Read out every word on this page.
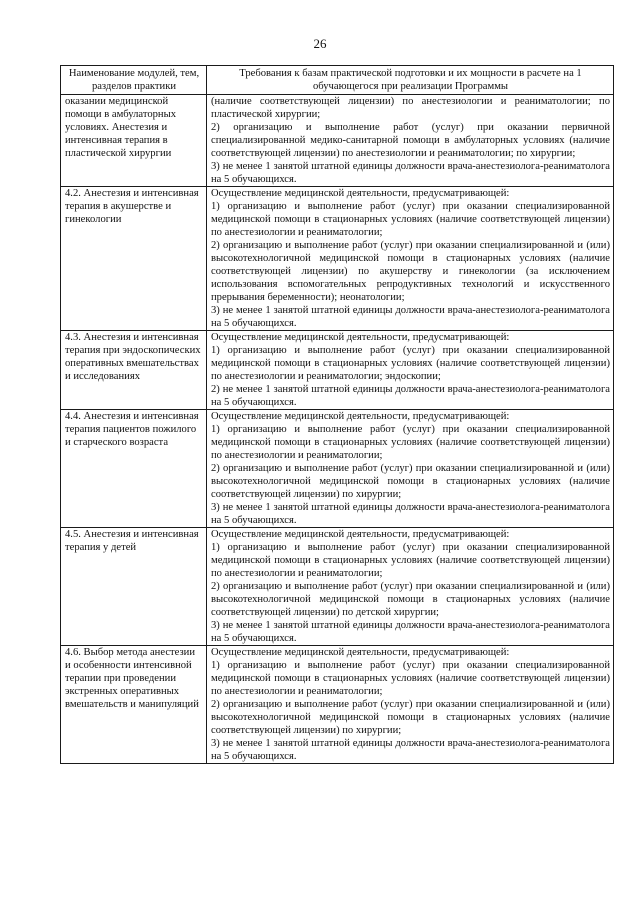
26
Наименование модулей, тем, разделов практики	Требования к базам практической подготовки и их мощности в расчете на 1 обучающегося при реализации Программы
оказании медицинской помощи в амбулаторных условиях. Анестезия и интенсивная терапия в пластической хирургии	(наличие соответствующей лицензии) по анестезиологии и реаниматологии; по пластической хирургии;

2) организацию и выполнение работ (услуг) при оказании первичной специализированной медико-санитарной помощи в амбулаторных условиях (наличие соответствующей лицензии) по анестезиологии и реаниматологии; по хирургии;

3) не менее 1 занятой штатной единицы должности врача-анестезиолога-реаниматолога на 5 обучающихся.

4.2. Анестезия и интенсивная терапия в акушерстве и гинекологии	Осуществление медицинской деятельности, предусматривающей:

1) организацию и выполнение работ (услуг) при оказании специализированной медицинской помощи в стационарных условиях (наличие соответствующей лицензии) по анестезиологии и реаниматологии;

2) организацию и выполнение работ (услуг) при оказании специализированной и (или) высокотехнологичной медицинской помощи в стационарных условиях (наличие соответствующей лицензии) по акушерству и гинекологии (за исключением использования вспомогательных репродуктивных технологий и искусственного прерывания беременности); неонатологии;

3) не менее 1 занятой штатной единицы должности врача-анестезиолога-реаниматолога на 5 обучающихся.

4.3. Анестезия и интенсивная терапия при эндоскопических оперативных вмешательствах и исследованиях	Осуществление медицинской деятельности, предусматривающей:

1) организацию и выполнение работ (услуг) при оказании специализированной медицинской помощи в стационарных условиях (наличие соответствующей лицензии) по анестезиологии и реаниматологии; эндоскопии;

2) не менее 1 занятой штатной единицы должности врача-анестезиолога-реаниматолога на 5 обучающихся.

4.4. Анестезия и интенсивная терапия пациентов пожилого и старческого возраста	Осуществление медицинской деятельности, предусматривающей:

1) организацию и выполнение работ (услуг) при оказании специализированной медицинской помощи в стационарных условиях (наличие соответствующей лицензии) по анестезиологии и реаниматологии;

2) организацию и выполнение работ (услуг) при оказании специализированной и (или) высокотехнологичной медицинской помощи в стационарных условиях (наличие соответствующей лицензии) по хирургии;

3) не менее 1 занятой штатной единицы должности врача-анестезиолога-реаниматолога на 5 обучающихся.

4.5. Анестезия и интенсивная терапия у детей	Осуществление медицинской деятельности, предусматривающей:

1) организацию и выполнение работ (услуг) при оказании специализированной медицинской помощи в стационарных условиях (наличие соответствующей лицензии) по анестезиологии и реаниматологии;

2) организацию и выполнение работ (услуг) при оказании специализированной и (или) высокотехнологичной медицинской помощи в стационарных условиях (наличие соответствующей лицензии) по детской хирургии;

3) не менее 1 занятой штатной единицы должности врача-анестезиолога-реаниматолога на 5 обучающихся.

4.6. Выбор метода анестезии и особенности интенсивной терапии при проведении экстренных оперативных вмешательств и манипуляций	Осуществление медицинской деятельности, предусматривающей:

1) организацию и выполнение работ (услуг) при оказании специализированной медицинской помощи в стационарных условиях (наличие соответствующей лицензии) по анестезиологии и реаниматологии;

2) организацию и выполнение работ (услуг) при оказании специализированной и (или) высокотехнологичной медицинской помощи в стационарных условиях (наличие соответствующей лицензии) по хирургии;

3) не менее 1 занятой штатной единицы должности врача-анестезиолога-реаниматолога на 5 обучающихся.
